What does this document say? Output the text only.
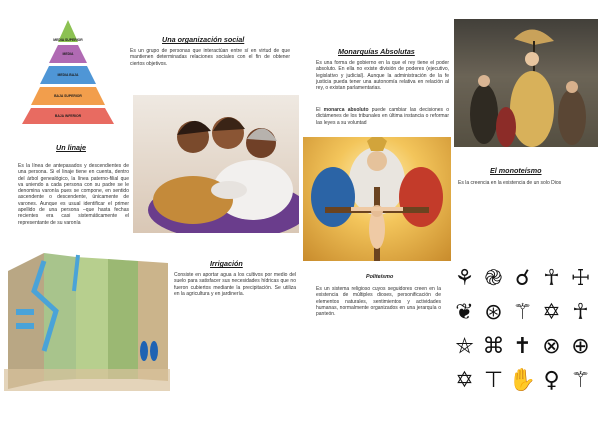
MEDIA SUPERIOR
MEDIA
MEDIA BAJA
BAJA SUPERIOR
BAJA INFERIOR
Una organización social
Es un grupo de personas que interactúan entre sí en virtud de que mantienen determinadas relaciones sociales con el fin de obtener ciertos objetivos.
Un linaje
Es la línea de antepasados y descendientes de una persona. Si el linaje tiene en cuenta, dentro del árbol genealógico, la línea paterno-filial que va uniendo a cada persona con su padre se le denomina varonía pues se compone, en sentido ascendente o descendente, únicamente de varones. Aunque es usual identificar el primer apellido de una persona –que hasta fechas recientes era casi sistemáticamente el representante de su varonía
Monarquías Absolutas
Es una forma de gobierno en la que el rey tiene el poder absoluto. En ella no existe división de poderes (ejecutivo, legislativo y judicial). Aunque la administración de la fe justicia pueda tener una autonomía relativa en relación al rey, o existan parlamentarias.
El monarca absoluto puede cambiar las decisiones o dictámenes de los tribunales en última instancia o reformar las leyes a su voluntad
El monoteísmo
Es la creencia en la existencia de un solo Dios
Irrigación
Consiste en aportar agua a los cultivos por medio del suelo para satisfacer sus necesidades hídricas que no fueron cubiertos mediante la precipitación. Se utiliza en la agricultura y en jardinería.
Politeísmo
Es un sistema religioso cuyos seguidores creen en la existencia de múltiples dioses, personificación de elementos naturales, sentimientos y actividades humanas, normalmente organizados en una jerarquía o panteón.
⚘ ֎ ☌ ☥ ☩
❦ ⊛ ⚚ ✡ ☥
⛤ ⌘ ✝ ⊗ ⊕
✡ ⊤ ✋ ♀ ⚚
